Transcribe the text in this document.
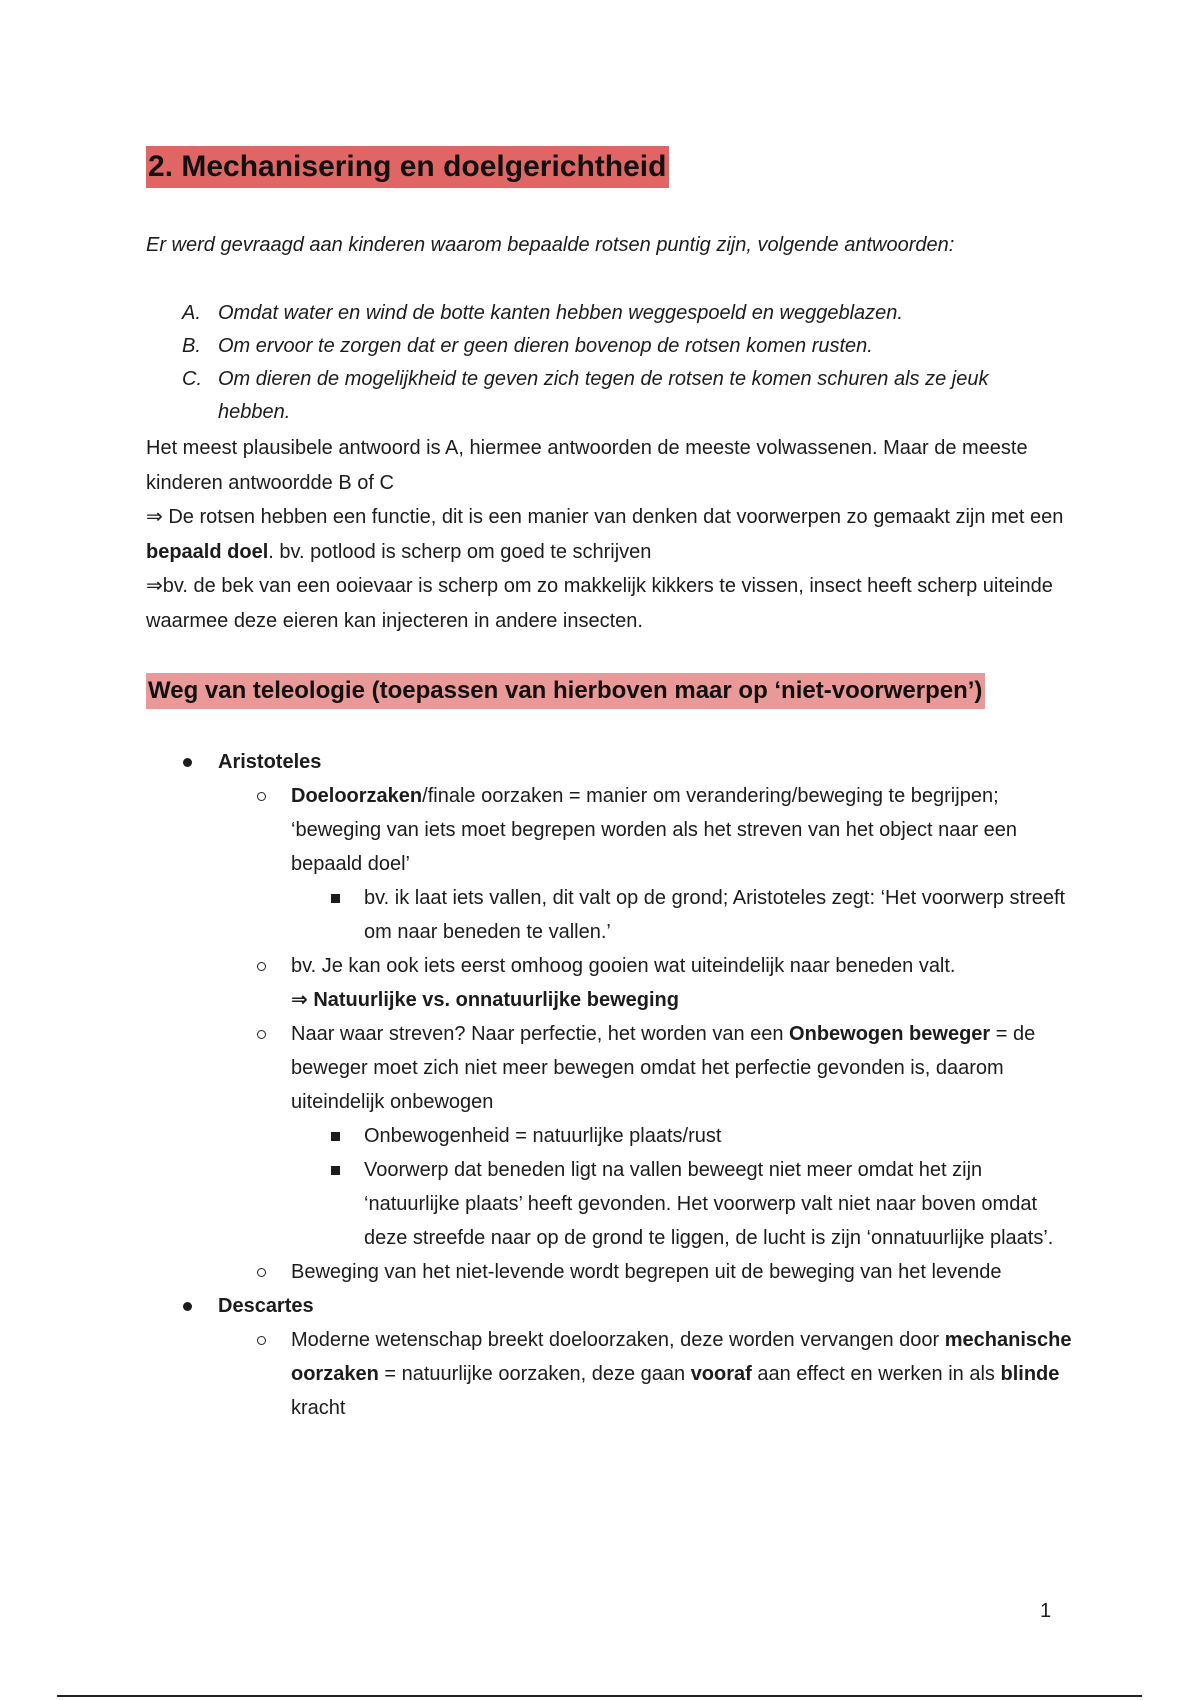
2. Mechanisering en doelgerichtheid

Er werd gevraagd aan kinderen waarom bepaalde rotsen puntig zijn, volgende antwoorden:

A. Omdat water en wind de botte kanten hebben weggespoeld en weggeblazen.
B. Om ervoor te zorgen dat er geen dieren bovenop de rotsen komen rusten.
C. Om dieren de mogelijkheid te geven zich tegen de rotsen te komen schuren als ze jeuk hebben.

Het meest plausibele antwoord is A, hiermee antwoorden de meeste volwassenen. Maar de meeste kinderen antwoordde B of C

⇒ De rotsen hebben een functie, dit is een manier van denken dat voorwerpen zo gemaakt zijn met een bepaald doel. bv. potlood is scherp om goed te schrijven

⇒bv. de bek van een ooievaar is scherp om zo makkelijk kikkers te vissen, insect heeft scherp uiteinde waarmee deze eieren kan injecteren in andere insecten.

Weg van teleologie (toepassen van hierboven maar op ‘niet-voorwerpen’)
Aristoteles
Doeloorzaken/finale oorzaken = manier om verandering/beweging te begrijpen; ‘beweging van iets moet begrepen worden als het streven van het object naar een bepaald doel’
bv. ik laat iets vallen, dit valt op de grond; Aristoteles zegt: ‘Het voorwerp streeft om naar beneden te vallen.’
bv. Je kan ook iets eerst omhoog gooien wat uiteindelijk naar beneden valt.
⇒ Natuurlijke vs. onnatuurlijke beweging
Naar waar streven? Naar perfectie, het worden van een Onbewogen beweger = de beweger moet zich niet meer bewegen omdat het perfectie gevonden is, daarom uiteindelijk onbewogen
Onbewogenheid = natuurlijke plaats/rust
Voorwerp dat beneden ligt na vallen beweegt niet meer omdat het zijn ‘natuurlijke plaats’ heeft gevonden. Het voorwerp valt niet naar boven omdat deze streefde naar op de grond te liggen, de lucht is zijn ‘onnatuurlijke plaats’.
Beweging van het niet-levende wordt begrepen uit de beweging van het levende
Descartes
Moderne wetenschap breekt doeloorzaken, deze worden vervangen door mechanische oorzaken = natuurlijke oorzaken, deze gaan vooraf aan effect en werken in als blinde kracht
1
